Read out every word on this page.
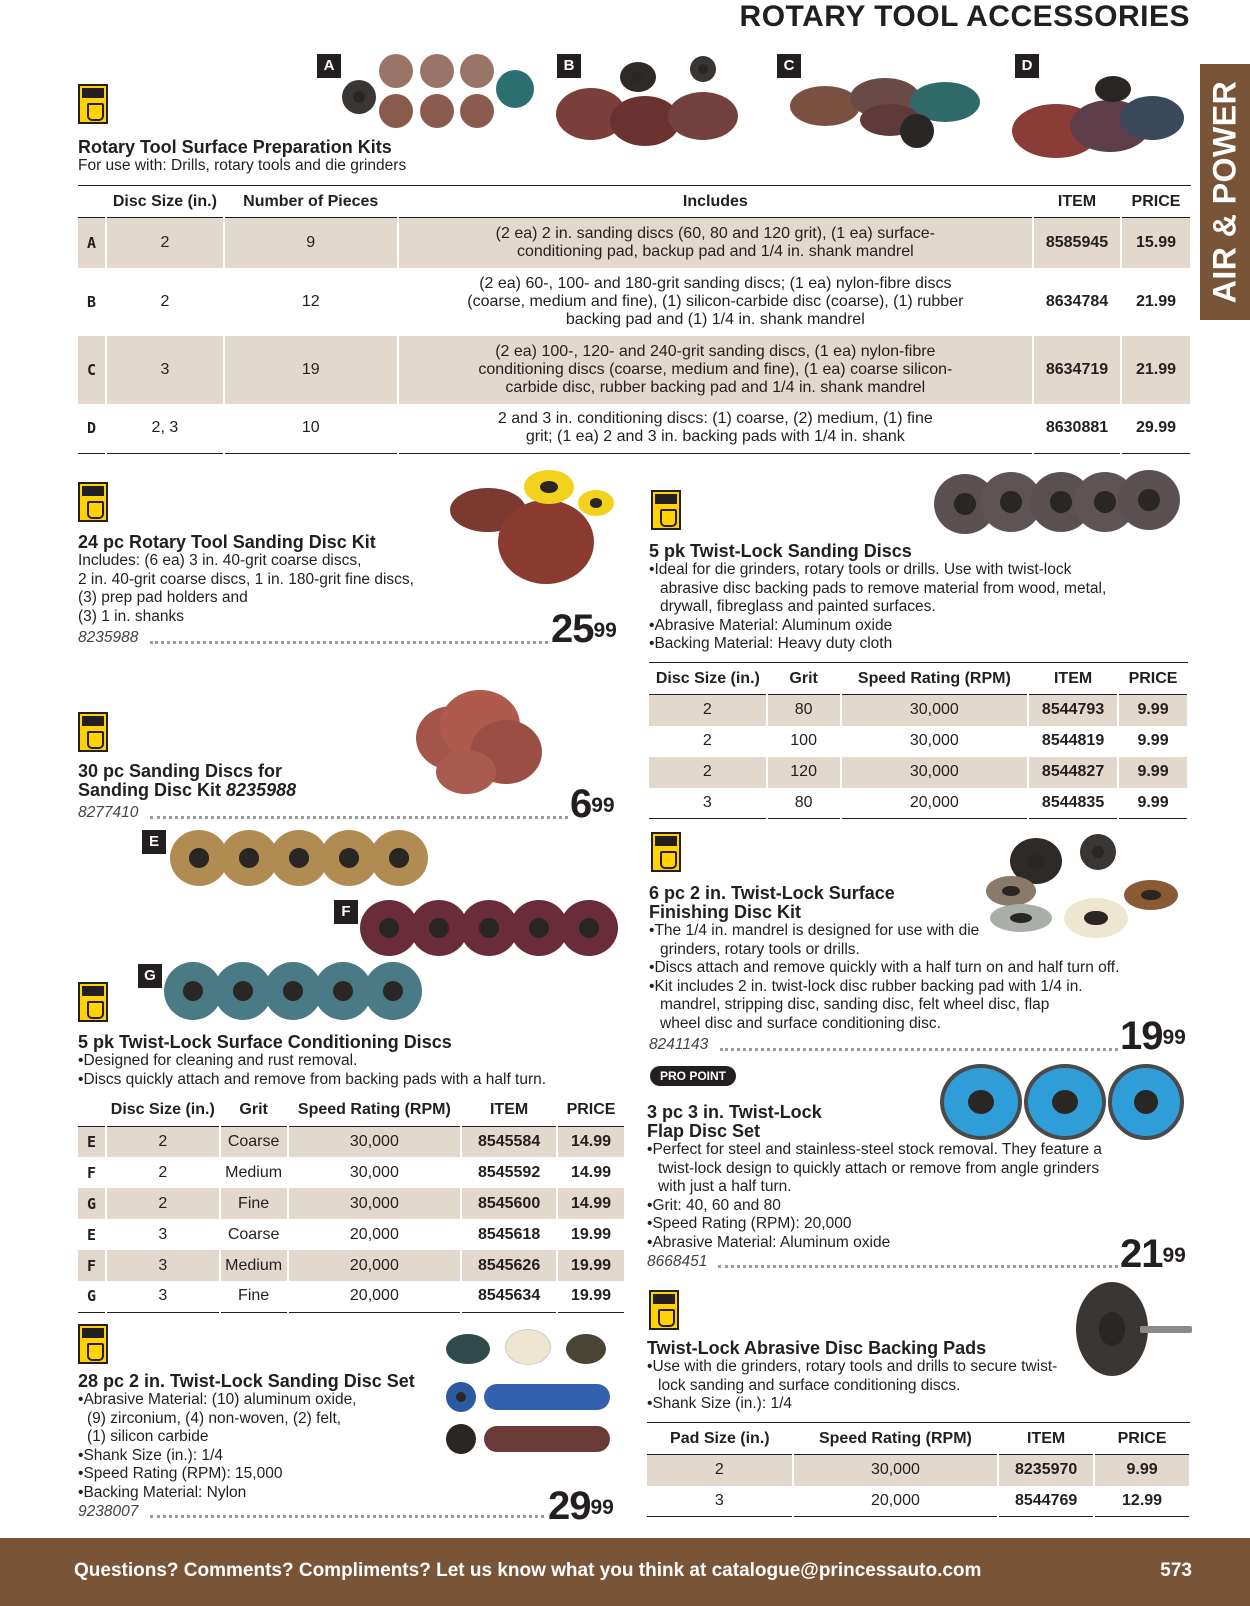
ROTARY TOOL ACCESSORIES
AIR & POWER
A	B	C	D
Rotary Tool Surface Preparation Kits
For use with: Drills, rotary tools and die grinders
	Disc Size (in.)	Number of Pieces	Includes	ITEM	PRICE
A	2	9	(2 ea) 2 in. sanding discs (60, 80 and 120 grit), (1 ea) surface-conditioning pad, backup pad and 1/4 in. shank mandrel	8585945	15.99
B	2	12	(2 ea) 60-, 100- and 180-grit sanding discs; (1 ea) nylon-fibre discs (coarse, medium and fine), (1) silicon-carbide disc (coarse), (1) rubber backing pad and (1) 1/4 in. shank mandrel	8634784	21.99
C	3	19	(2 ea) 100-, 120- and 240-grit sanding discs, (1 ea) nylon-fibre conditioning discs (coarse, medium and fine), (1 ea) coarse silicon-carbide disc, rubber backing pad and 1/4 in. shank mandrel	8634719	21.99
D	2, 3	10	2 and 3 in. conditioning discs: (1) coarse, (2) medium, (1) fine grit; (1 ea) 2 and 3 in. backing pads with 1/4 in. shank	8630881	29.99
24 pc Rotary Tool Sanding Disc Kit
Includes: (6 ea) 3 in. 40-grit coarse discs,
2 in. 40-grit coarse discs, 1 in. 180-grit fine discs,
(3) prep pad holders and
(3) 1 in. shanks
8235988	$25^{99}$
30 pc Sanding Discs for
Sanding Disc Kit 8235988
8277410	$6^{99}$
E
F
G
5 pk Twist-Lock Surface Conditioning Discs
•Designed for cleaning and rust removal.
•Discs quickly attach and remove from backing pads with a half turn.
	Disc Size (in.)	Grit	Speed Rating (RPM)	ITEM	PRICE
E	2	Coarse	30,000	8545584	14.99
F	2	Medium	30,000	8545592	14.99
G	2	Fine	30,000	8545600	14.99
E	3	Coarse	20,000	8545618	19.99
F	3	Medium	20,000	8545626	19.99
G	3	Fine	20,000	8545634	19.99
28 pc 2 in. Twist-Lock Sanding Disc Set
•Abrasive Material: (10) aluminum oxide,
(9) zirconium, (4) non-woven, (2) felt,
(1) silicon carbide
•Shank Size (in.): 1/4
•Speed Rating (RPM): 15,000
•Backing Material: Nylon
9238007	$29^{99}$
5 pk Twist-Lock Sanding Discs
•Ideal for die grinders, rotary tools or drills. Use with twist-lock abrasive disc backing pads to remove material from wood, metal, drywall, fibreglass and painted surfaces.
•Abrasive Material: Aluminum oxide
•Backing Material: Heavy duty cloth
Disc Size (in.)	Grit	Speed Rating (RPM)	ITEM	PRICE
2	80	30,000	8544793	9.99
2	100	30,000	8544819	9.99
2	120	30,000	8544827	9.99
3	80	20,000	8544835	9.99
6 pc 2 in. Twist-Lock Surface
Finishing Disc Kit
•The 1/4 in. mandrel is designed for use with die grinders, rotary tools or drills.
•Discs attach and remove quickly with a half turn on and half turn off.
•Kit includes 2 in. twist-lock disc rubber backing pad with 1/4 in. mandrel, stripping disc, sanding disc, felt wheel disc, flap wheel disc and surface conditioning disc.
8241143	$19^{99}$
PRO POINT
3 pc 3 in. Twist-Lock
Flap Disc Set
•Perfect for steel and stainless-steel stock removal. They feature a twist-lock design to quickly attach or remove from angle grinders with just a half turn.
•Grit: 40, 60 and 80
•Speed Rating (RPM): 20,000
•Abrasive Material: Aluminum oxide
8668451	$21^{99}$
Twist-Lock Abrasive Disc Backing Pads
•Use with die grinders, rotary tools and drills to secure twist-lock sanding and surface conditioning discs.
•Shank Size (in.): 1/4
Pad Size (in.)	Speed Rating (RPM)	ITEM	PRICE
2	30,000	8235970	9.99
3	20,000	8544769	12.99
Questions? Comments? Compliments? Let us know what you think at catalogue@princessauto.com	573
